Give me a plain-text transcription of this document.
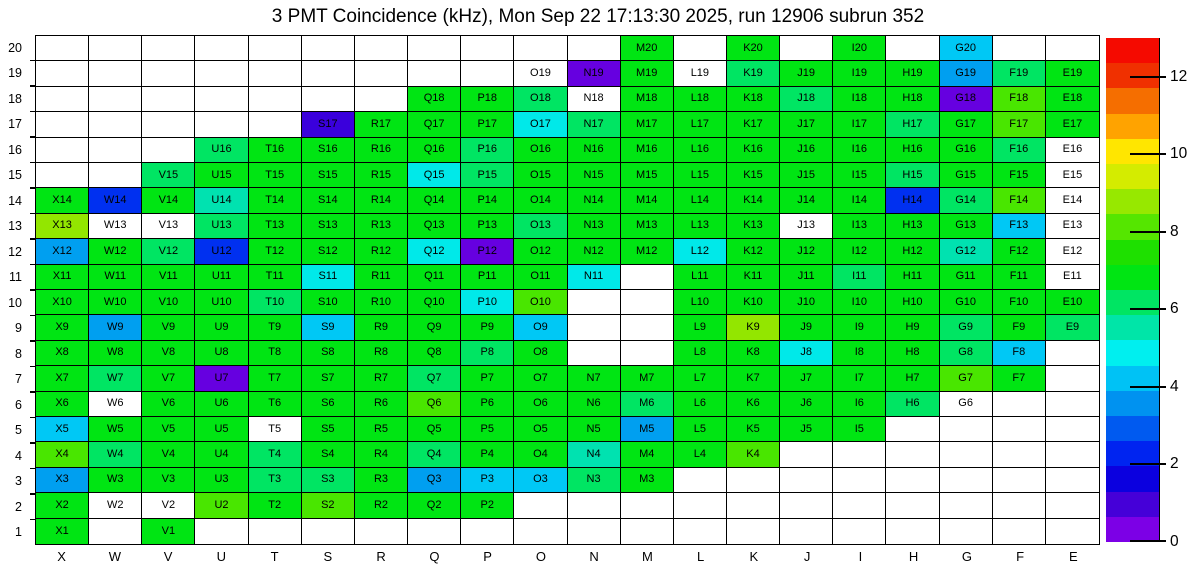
3 PMT Coincidence (kHz), Mon Sep 22 17:13:30 2025, run 12906 subrun 352
20
19
18
17
16
15
14
13
12
11
10
9
8
7
6
5
4
3
2
1
M20	K20	I20	G20
O19	N19	M19	L19	K19	J19	I19	H19	G19	F19	E19
Q18	P18	O18	N18	M18	L18	K18	J18	I18	H18	G18	F18	E18
S17	R17	Q17	P17	O17	N17	M17	L17	K17	J17	I17	H17	G17	F17	E17
U16	T16	S16	R16	Q16	P16	O16	N16	M16	L16	K16	J16	I16	H16	G16	F16	E16
V15	U15	T15	S15	R15	Q15	P15	O15	N15	M15	L15	K15	J15	I15	H15	G15	F15	E15
X14	W14	V14	U14	T14	S14	R14	Q14	P14	O14	N14	M14	L14	K14	J14	I14	H14	G14	F14	E14
X13	W13	V13	U13	T13	S13	R13	Q13	P13	O13	N13	M13	L13	K13	J13	I13	H13	G13	F13	E13
X12	W12	V12	U12	T12	S12	R12	Q12	P12	O12	N12	M12	L12	K12	J12	I12	H12	G12	F12	E12
X11	W11	V11	U11	T11	S11	R11	Q11	P11	O11	N11	L11	K11	J11	I11	H11	G11	F11	E11
X10	W10	V10	U10	T10	S10	R10	Q10	P10	O10	L10	K10	J10	I10	H10	G10	F10	E10
X9	W9	V9	U9	T9	S9	R9	Q9	P9	O9	L9	K9	J9	I9	H9	G9	F9	E9
X8	W8	V8	U8	T8	S8	R8	Q8	P8	O8	L8	K8	J8	I8	H8	G8	F8
X7	W7	V7	U7	T7	S7	R7	Q7	P7	O7	N7	M7	L7	K7	J7	I7	H7	G7	F7
X6	W6	V6	U6	T6	S6	R6	Q6	P6	O6	N6	M6	L6	K6	J6	I6	H6	G6
X5	W5	V5	U5	T5	S5	R5	Q5	P5	O5	N5	M5	L5	K5	J5	I5
X4	W4	V4	U4	T4	S4	R4	Q4	P4	O4	N4	M4	L4	K4
X3	W3	V3	U3	T3	S3	R3	Q3	P3	O3	N3	M3
X2	W2	V2	U2	T2	S2	R2	Q2	P2
X1	V1
X	W	V	U	T	S	R	Q	P	O	N	M	L	K	J	I	H	G	F	E
0
2
4
6
8
10
12
